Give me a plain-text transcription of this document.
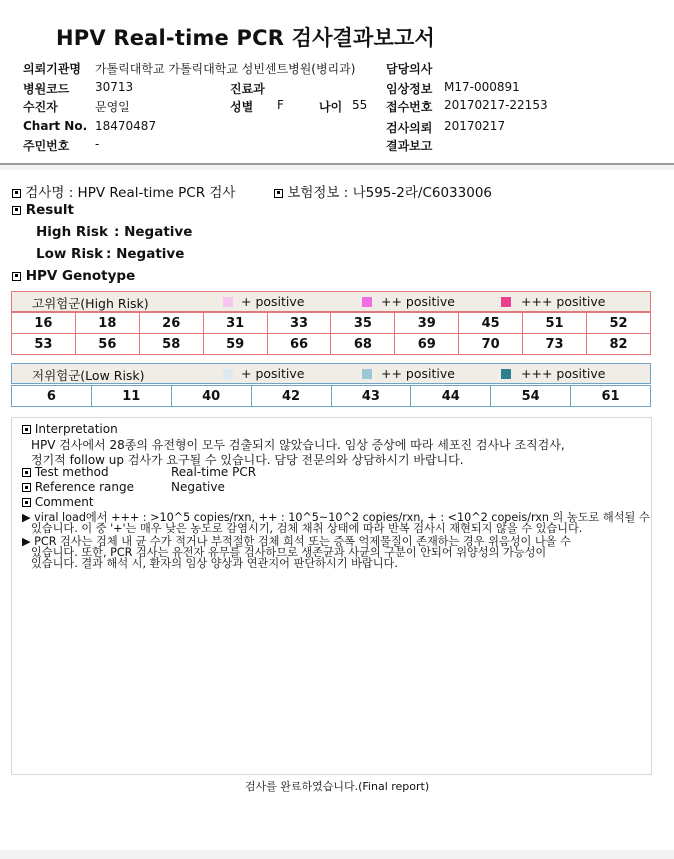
HPV Real-time PCR 검사결과보고서
의뢰기관명 가톨릭대학교 가톨릭대학교 성빈센트병원(병리과)
병원코드 30713
수진자	문영일
Chart No. 18470487
주민번호 -
진료과
성별 F	나이 55
담당의사
임상정보 M17-000891
접수번호 20170217-22153
검사의뢰 20170217
결과보고
검사명 : HPV Real-time PCR 검사	보험정보 : 나595-2라/C6033006
Result
High Risk : Negative
Low Risk : Negative
HPV Genotype
고위험군(High Risk)	+ positive	++ positive	+++ positive
16	18	26	31	33	35	39	45	51	52
53	56	58	59	66	68	69	70	73	82
저위험군(Low Risk)	+ positive	++ positive	+++ positive
6	11	40	42	43	44	54	61
Interpretation
HPV 검사에서 28종의 유전형이 모두 검출되지 않았습니다. 임상 증상에 따라 세포진 검사나 조직검사,
정기적 follow up 검사가 요구될 수 있습니다. 담당 전문의와 상담하시기 바랍니다.
Test method	Real-time PCR
Reference range	Negative
Comment
▶ viral load에서 +++ : >10^5 copies/rxn, ++ : 10^5~10^2 copies/rxn, + : <10^2 copeis/rxn 의 농도로 해석될 수
있습니다. 이 중 '+'는 매우 낮은 농도로 감염시기, 검체 채취 상태에 따라 반복 검사시 재현되지 않을 수 있습니다.
▶ PCR 검사는 검체 내 균 수가 적거나 부적절한 검체 희석 또는 증폭 억제물질이 존재하는 경우 위음성이 나올 수
있습니다. 또한, PCR 검사는 유전자 유무를 검사하므로 생존균과 사균의 구분이 안되어 위양성의 가능성이
있습니다. 결과 해석 시, 환자의 임상 양상과 연관지어 판단하시기 바랍니다.
검사를 완료하였습니다.(Final report)
